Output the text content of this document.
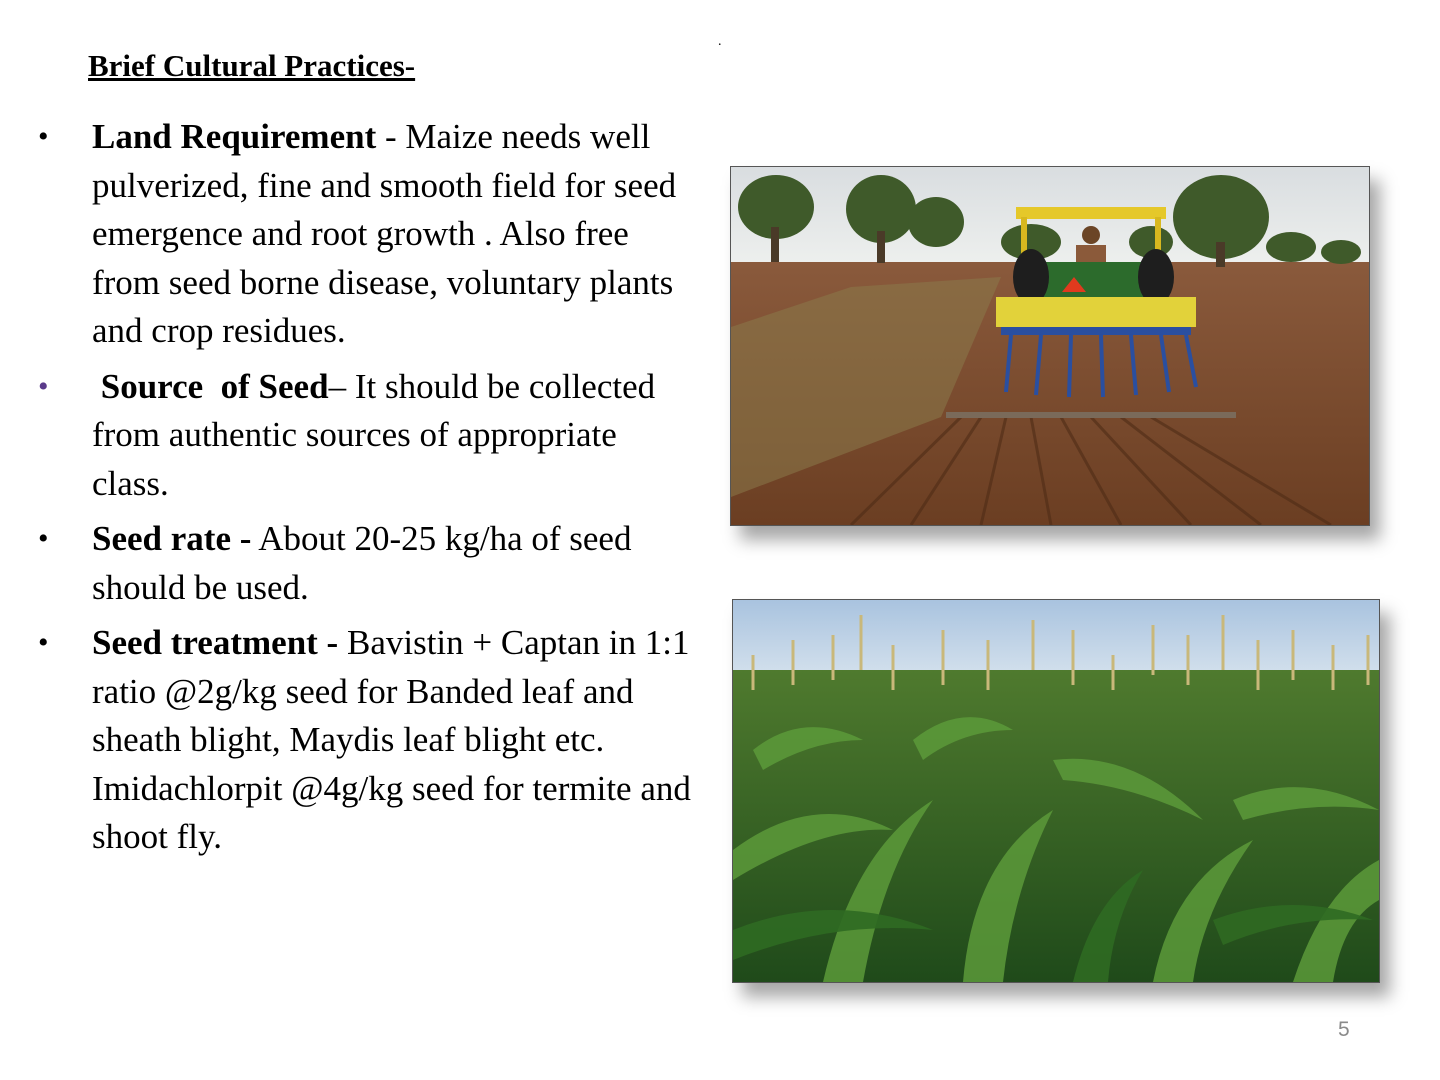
Brief Cultural Practices-
.
• Land Requirement - Maize needs well pulverized, fine and smooth field for seed emergence and root growth . Also free from seed borne disease, voluntary plants and crop residues.
• Source  of Seed– It should be collected from authentic sources of appropriate class.
• Seed rate - About 20-25 kg/ha of seed should be used.
• Seed treatment - Bavistin + Captan in 1:1 ratio @2g/kg seed for Banded leaf and sheath blight, Maydis leaf blight etc. Imidachlorpit @4g/kg seed for termite and shoot fly.
5
